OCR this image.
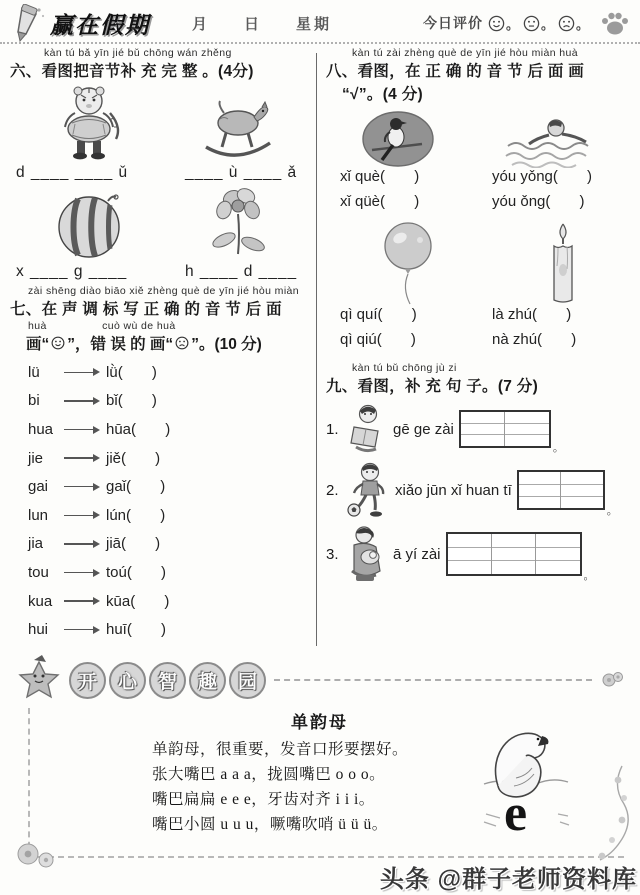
赢在假期	月 日 星期	今日评价 。 。 。
kàn tú bǎ yīn jié bǔ chōng wán zhěng
六、看图把音节补 充 完 整 。(4分)
d ____ ____ ǔ	____ ù ____ ǎ
x ____ g ____	h ____ d ____
zài shēng diào biāo xiě zhèng què de yīn jié hòu miàn
七、在 声 调 标 写 正 确 的 音 节 后 面
huà	cuò wù de huà
画“ ”，错 误 的 画“ ”。(10 分)
lü	lǜ (       )
bi	bǐ (       )
hua	hūa (       )
jie	jiě (       )
gai	gaǐ (       )
lun	lún (       )
jia	jiā (       )
tou	toú (       )
kua	kūa (       )
hui	huī (       )
kàn tú zài zhèng què de yīn jié hòu miàn huà
八、看图，在 正 确 的 音 节 后 面 画
“√”。(4 分)
xǐ què (       )	yóu yǒng (       )
xǐ qüè (       )	yóu ǒng (       )
qì quí (       )	là zhú (       )
qì qiú (       )	nà zhú (       )
kàn tú bǔ chōng jù zi
九、看图，补 充 句 子。(7 分)
1.	gē ge zài
。
2.	xiǎo jūn xǐ huan tī
。
3.	ā yí zài
。
开	心	智	趣	园
单韵母
单韵母，很重要，发音口形要摆好。
张大嘴巴 a a a，拢圆嘴巴 o o o。
嘴巴扁扁 e e e，牙齿对齐 i i i。
嘴巴小圆 u u u，噘嘴吹哨 ü ü ü。	e
头条 @群子老师资料库
